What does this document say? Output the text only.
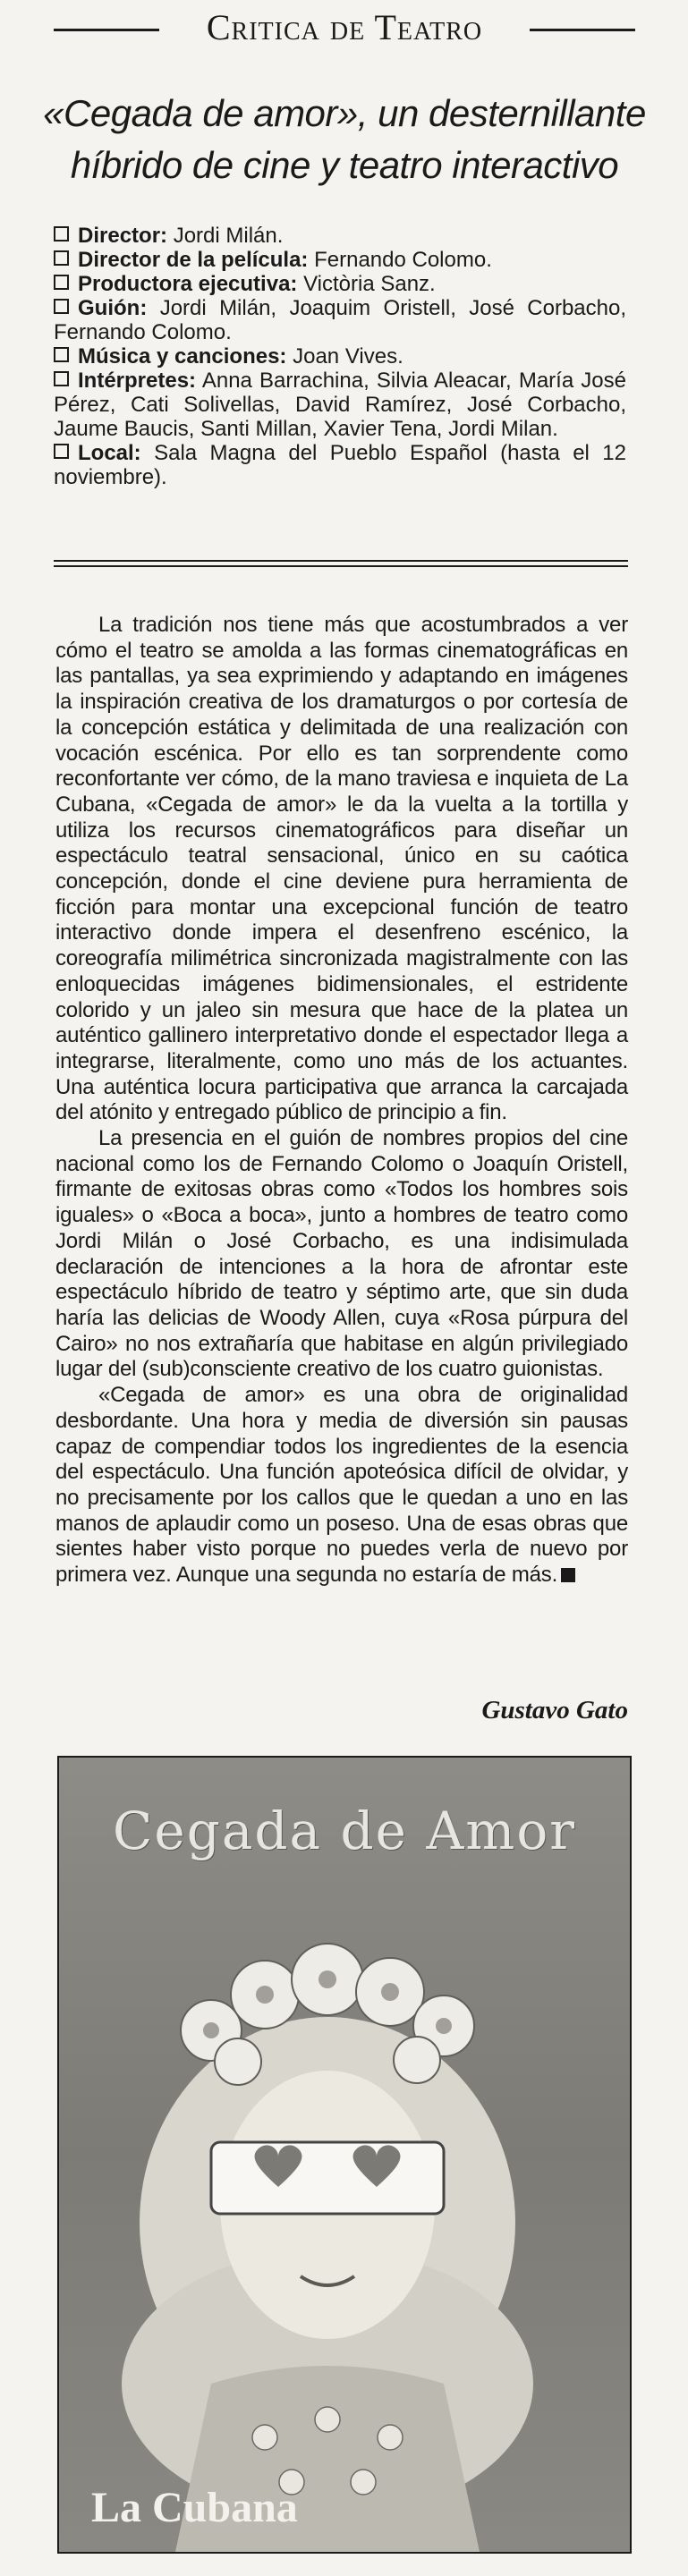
Critica de Teatro
«Cegada de amor», un desternillante
híbrido de cine y teatro interactivo

Director: Jordi Milán.

Director de la película: Fernando Colomo.

Productora ejecutiva: Victòria Sanz.

Guión: Jordi Milán, Joaquim Oristell, José Corbacho, Fernando Colomo.

Música y canciones: Joan Vives.

Intérpretes: Anna Barrachina, Silvia Aleacar, María José Pérez, Cati Solivellas, David Ramírez, José Corbacho, Jaume Baucis, Santi Millan, Xavier Tena, Jordi Milan.

Local: Sala Magna del Pueblo Español (hasta el 12 noviembre).

La tradición nos tiene más que acostumbrados a ver cómo el teatro se amolda a las formas cinematográficas en las pantallas, ya sea exprimiendo y adaptando en imágenes la inspiración creativa de los dramaturgos o por cortesía de la concepción estática y delimitada de una realización con vocación escénica. Por ello es tan sorprendente como reconfortante ver cómo, de la mano traviesa e inquieta de La Cubana, «Cegada de amor» le da la vuelta a la tortilla y utiliza los recursos cinematográficos para diseñar un espectáculo teatral sensacional, único en su caótica concepción, donde el cine deviene pura herramienta de ficción para montar una excepcional función de teatro interactivo donde impera el desenfreno escénico, la coreografía milimétrica sincronizada magistralmente con las enloquecidas imágenes bidimensionales, el estridente colorido y un jaleo sin mesura que hace de la platea un auténtico gallinero interpretativo donde el espectador llega a integrarse, literalmente, como uno más de los actuantes. Una auténtica locura participativa que arranca la carcajada del atónito y entregado público de principio a fin.

La presencia en el guión de nombres propios del cine nacional como los de Fernando Colomo o Joaquín Oristell, firmante de exitosas obras como «Todos los hombres sois iguales» o «Boca a boca», junto a hombres de teatro como Jordi Milán o José Corbacho, es una indisimulada declaración de intenciones a la hora de afrontar este espectáculo híbrido de teatro y séptimo arte, que sin duda haría las delicias de Woody Allen, cuya «Rosa púrpura del Cairo» no nos extrañaría que habitase en algún privilegiado lugar del (sub)consciente creativo de los cuatro guionistas.

«Cegada de amor» es una obra de originalidad desbordante. Una hora y media de diversión sin pausas capaz de compendiar todos los ingredientes de la esencia del espectáculo. Una función apoteósica difícil de olvidar, y no precisamente por los callos que le quedan a uno en las manos de aplaudir como un poseso. Una de esas obras que sientes haber visto porque no puedes verla de nuevo por primera vez. Aunque una segunda no estaría de más.

Gustavo Gato
Cegada de Amor
La Cubana
